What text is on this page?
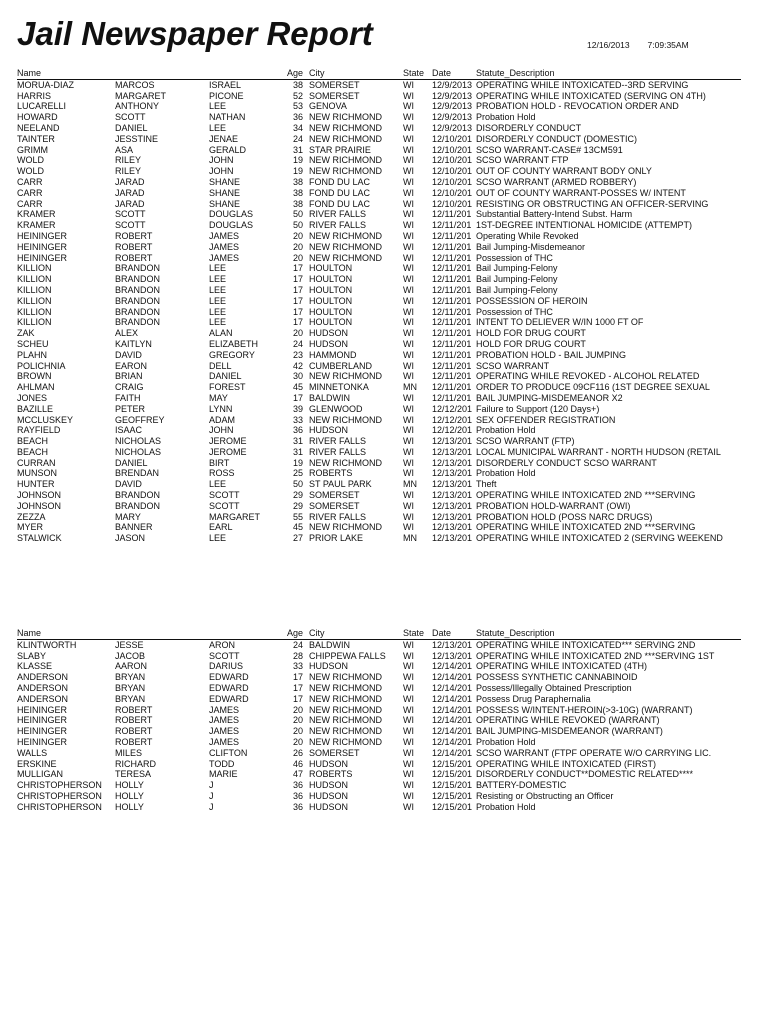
Jail Newspaper Report	12/16/2013 7:09:35AM
Name			Age	City	State	Date	Statute_Description
MORUA-DIAZ	MARCOS	ISRAEL	38	SOMERSET	WI	12/9/2013	OPERATING WHILE INTOXICATED--3RD SERVING
HARRIS	MARGARET	PICONE	52	SOMERSET	WI	12/9/2013	OPERATING WHILE INTOXICATED (SERVING ON 4TH)
LUCARELLI	ANTHONY	LEE	53	GENOVA	WI	12/9/2013	PROBATION HOLD - REVOCATION ORDER AND
HOWARD	SCOTT	NATHAN	36	NEW RICHMOND	WI	12/9/2013	Probation Hold
NEELAND	DANIEL	LEE	34	NEW RICHMOND	WI	12/9/2013	DISORDERLY CONDUCT
TAINTER	JESSTINE	JENAE	24	NEW RICHMOND	WI	12/10/201	DISORDERLY CONDUCT (DOMESTIC)
GRIMM	ASA	GERALD	31	STAR PRAIRIE	WI	12/10/201	SCSO WARRANT-CASE# 13CM591
WOLD	RILEY	JOHN	19	NEW RICHMOND	WI	12/10/201	SCSO WARRANT FTP
WOLD	RILEY	JOHN	19	NEW RICHMOND	WI	12/10/201	OUT OF COUNTY WARRANT BODY ONLY
CARR	JARAD	SHANE	38	FOND DU LAC	WI	12/10/201	SCSO WARRANT (ARMED ROBBERY)
CARR	JARAD	SHANE	38	FOND DU LAC	WI	12/10/201	OUT OF COUNTY WARRANT-POSSES W/ INTENT
CARR	JARAD	SHANE	38	FOND DU LAC	WI	12/10/201	RESISTING OR OBSTRUCTING AN OFFICER-SERVING
KRAMER	SCOTT	DOUGLAS	50	RIVER FALLS	WI	12/11/201	Substantial Battery-Intend Subst. Harm
KRAMER	SCOTT	DOUGLAS	50	RIVER FALLS	WI	12/11/201	1ST-DEGREE INTENTIONAL HOMICIDE (ATTEMPT)
HEININGER	ROBERT	JAMES	20	NEW RICHMOND	WI	12/11/201	Operating While Revoked
HEININGER	ROBERT	JAMES	20	NEW RICHMOND	WI	12/11/201	Bail Jumping-Misdemeanor
HEININGER	ROBERT	JAMES	20	NEW RICHMOND	WI	12/11/201	Possession of THC
KILLION	BRANDON	LEE	17	HOULTON	WI	12/11/201	Bail Jumping-Felony
KILLION	BRANDON	LEE	17	HOULTON	WI	12/11/201	Bail Jumping-Felony
KILLION	BRANDON	LEE	17	HOULTON	WI	12/11/201	Bail Jumping-Felony
KILLION	BRANDON	LEE	17	HOULTON	WI	12/11/201	POSSESSION OF HEROIN
KILLION	BRANDON	LEE	17	HOULTON	WI	12/11/201	Possession of THC
KILLION	BRANDON	LEE	17	HOULTON	WI	12/11/201	INTENT TO DELIEVER W/IN 1000 FT OF
ZAK	ALEX	ALAN	20	HUDSON	WI	12/11/201	HOLD FOR DRUG COURT
SCHEU	KAITLYN	ELIZABETH	24	HUDSON	WI	12/11/201	HOLD FOR DRUG COURT
PLAHN	DAVID	GREGORY	23	HAMMOND	WI	12/11/201	PROBATION HOLD - BAIL JUMPING
POLICHNIA	EARON	DELL	42	CUMBERLAND	WI	12/11/201	SCSO WARRANT
BROWN	BRIAN	DANIEL	30	NEW RICHMOND	WI	12/11/201	OPERATING WHILE REVOKED - ALCOHOL RELATED
AHLMAN	CRAIG	FOREST	45	MINNETONKA	MN	12/11/201	ORDER TO PRODUCE 09CF116 (1ST DEGREE SEXUAL
JONES	FAITH	MAY	17	BALDWIN	WI	12/11/201	BAIL JUMPING-MISDEMEANOR X2
BAZILLE	PETER	LYNN	39	GLENWOOD	WI	12/12/201	Failure to Support (120 Days+)
MCCLUSKEY	GEOFFREY	ADAM	33	NEW RICHMOND	WI	12/12/201	SEX OFFENDER REGISTRATION
RAYFIELD	ISAAC	JOHN	36	HUDSON	WI	12/12/201	Probation Hold
BEACH	NICHOLAS	JEROME	31	RIVER FALLS	WI	12/13/201	SCSO WARRANT (FTP)
BEACH	NICHOLAS	JEROME	31	RIVER FALLS	WI	12/13/201	LOCAL MUNICIPAL WARRANT - NORTH HUDSON (RETAIL
CURRAN	DANIEL	BIRT	19	NEW RICHMOND	WI	12/13/201	DISORDERLY CONDUCT SCSO WARRANT
MUNSON	BRENDAN	ROSS	25	ROBERTS	WI	12/13/201	Probation Hold
HUNTER	DAVID	LEE	50	ST PAUL PARK	MN	12/13/201	Theft
JOHNSON	BRANDON	SCOTT	29	SOMERSET	WI	12/13/201	OPERATING WHILE INTOXICATED 2ND ***SERVING
JOHNSON	BRANDON	SCOTT	29	SOMERSET	WI	12/13/201	PROBATION HOLD-WARRANT (OWI)
ZEZZA	MARY	MARGARET	55	RIVER FALLS	WI	12/13/201	PROBATION HOLD (POSS NARC DRUGS)
MYER	BANNER	EARL	45	NEW RICHMOND	WI	12/13/201	OPERATING WHILE INTOXICATED 2ND ***SERVING
STALWICK	JASON	LEE	27	PRIOR LAKE	MN	12/13/201	OPERATING WHILE INTOXICATED 2 (SERVING WEEKEND
Name			Age	City	State	Date	Statute_Description
KLINTWORTH	JESSE	ARON	24	BALDWIN	WI	12/13/201	OPERATING WHILE INTOXICATED*** SERVING 2ND
SLABY	JACOB	SCOTT	28	CHIPPEWA FALLS	WI	12/13/201	OPERATING WHILE INTOXICATED 2ND ***SERVING 1ST
KLASSE	AARON	DARIUS	33	HUDSON	WI	12/14/201	OPERATING WHILE INTOXICATED (4TH)
ANDERSON	BRYAN	EDWARD	17	NEW RICHMOND	WI	12/14/201	POSSESS SYNTHETIC CANNABINOID
ANDERSON	BRYAN	EDWARD	17	NEW RICHMOND	WI	12/14/201	Possess/Illegally Obtained Prescription
ANDERSON	BRYAN	EDWARD	17	NEW RICHMOND	WI	12/14/201	Possess Drug Paraphernalia
HEININGER	ROBERT	JAMES	20	NEW RICHMOND	WI	12/14/201	POSSESS W/INTENT-HEROIN(>3-10G) (WARRANT)
HEININGER	ROBERT	JAMES	20	NEW RICHMOND	WI	12/14/201	OPERATING WHILE REVOKED (WARRANT)
HEININGER	ROBERT	JAMES	20	NEW RICHMOND	WI	12/14/201	BAIL JUMPING-MISDEMEANOR (WARRANT)
HEININGER	ROBERT	JAMES	20	NEW RICHMOND	WI	12/14/201	Probation Hold
WALLS	MILES	CLIFTON	26	SOMERSET	WI	12/14/201	SCSO WARRANT (FTPF OPERATE W/O CARRYING LIC.
ERSKINE	RICHARD	TODD	46	HUDSON	WI	12/15/201	OPERATING WHILE INTOXICATED (FIRST)
MULLIGAN	TERESA	MARIE	47	ROBERTS	WI	12/15/201	DISORDERLY CONDUCT**DOMESTIC RELATED****
CHRISTOPHERSON	HOLLY	J	36	HUDSON	WI	12/15/201	BATTERY-DOMESTIC
CHRISTOPHERSON	HOLLY	J	36	HUDSON	WI	12/15/201	Resisting or Obstructing an Officer
CHRISTOPHERSON	HOLLY	J	36	HUDSON	WI	12/15/201	Probation Hold
